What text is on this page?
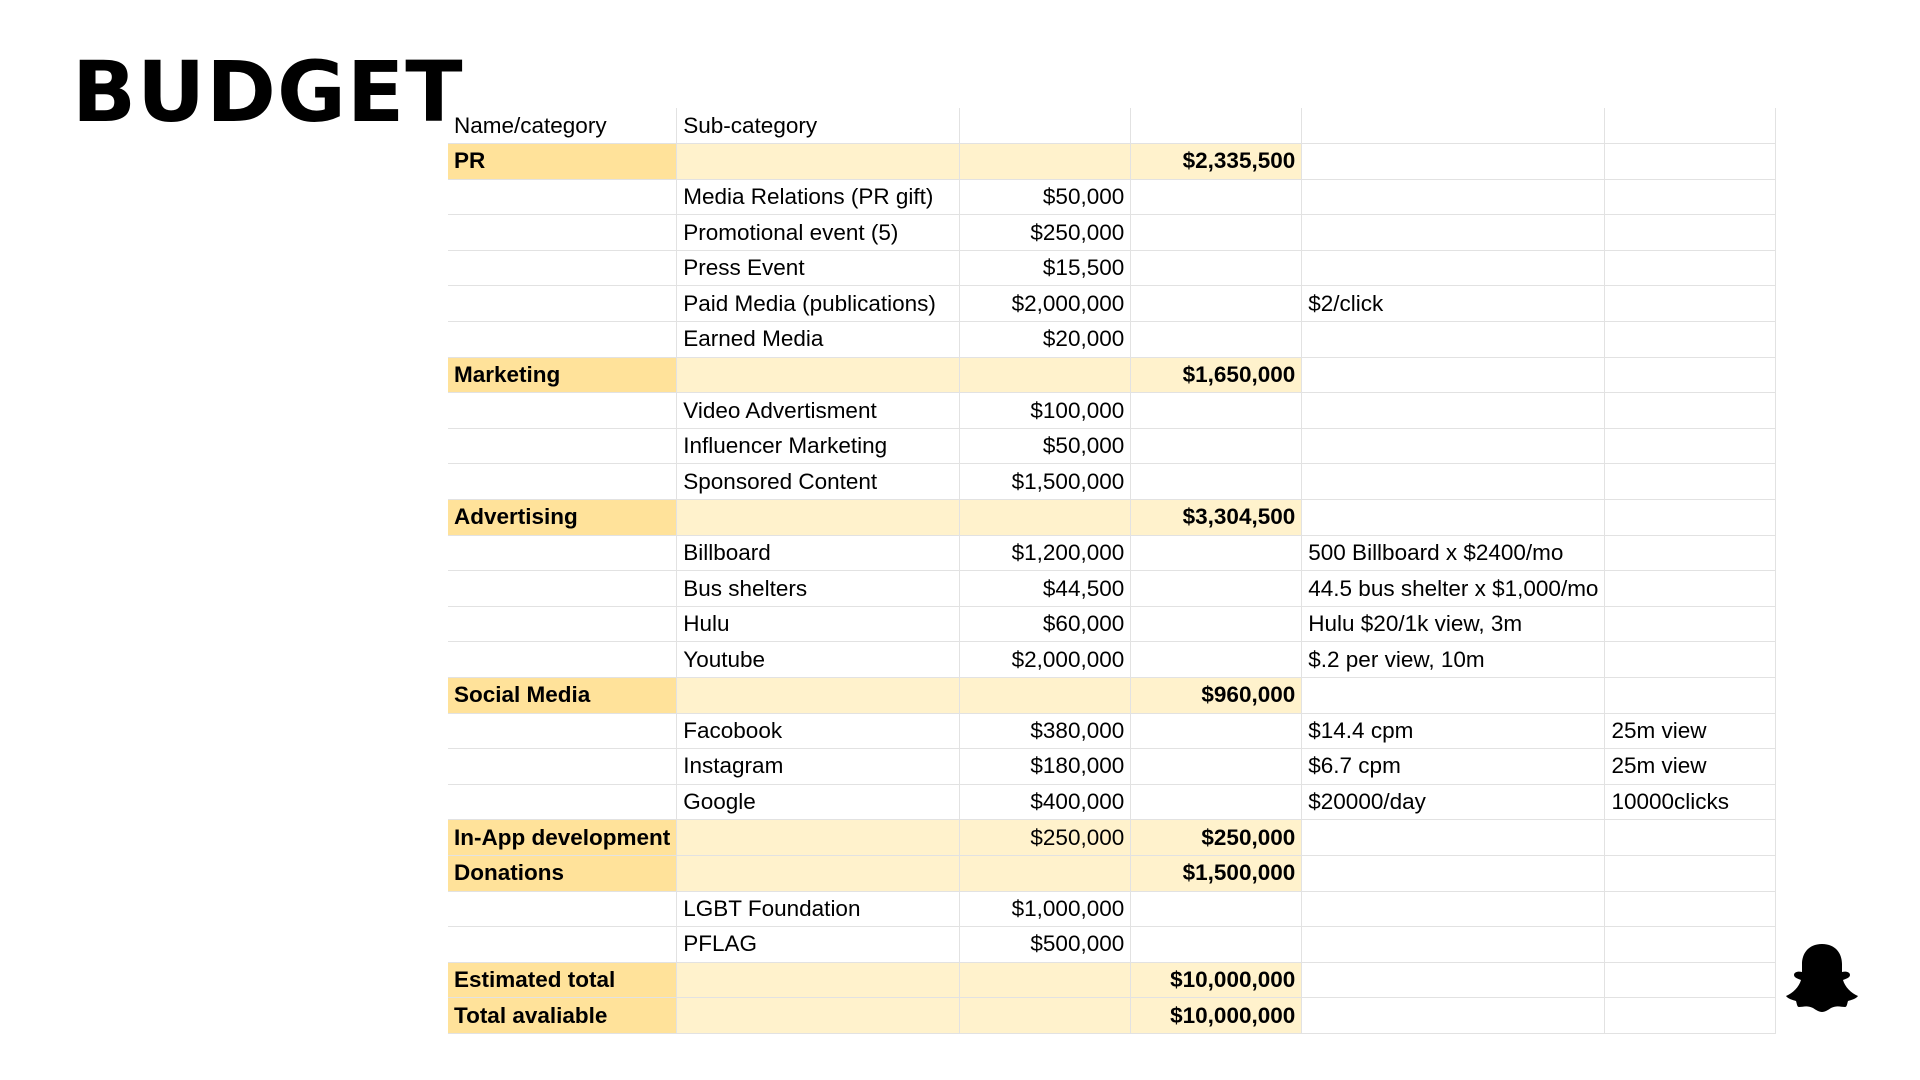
BUDGET
Name/category	Sub-category				
PR			$2,335,500		
	Media Relations (PR gift)	$50,000			
	Promotional event (5)	$250,000			
	Press Event	$15,500			
	Paid Media (publications)	$2,000,000		$2/click	
	Earned Media	$20,000			
Marketing			$1,650,000		
	Video Advertisment	$100,000			
	Influencer Marketing	$50,000			
	Sponsored Content	$1,500,000			
Advertising			$3,304,500		
	Billboard	$1,200,000		500 Billboard x $2400/mo	
	Bus shelters	$44,500		44.5 bus shelter x $1,000/mo	
	Hulu	$60,000		Hulu $20/1k view, 3m	
	Youtube	$2,000,000		$.2 per view, 10m	
Social Media			$960,000		
	Facobook	$380,000		$14.4 cpm	25m view
	Instagram	$180,000		$6.7 cpm	25m view
	Google	$400,000		$20000/day	10000clicks
In-App development		$250,000	$250,000		
Donations			$1,500,000		
	LGBT Foundation	$1,000,000			
	PFLAG	$500,000			
Estimated total			$10,000,000		
Total avaliable			$10,000,000		
